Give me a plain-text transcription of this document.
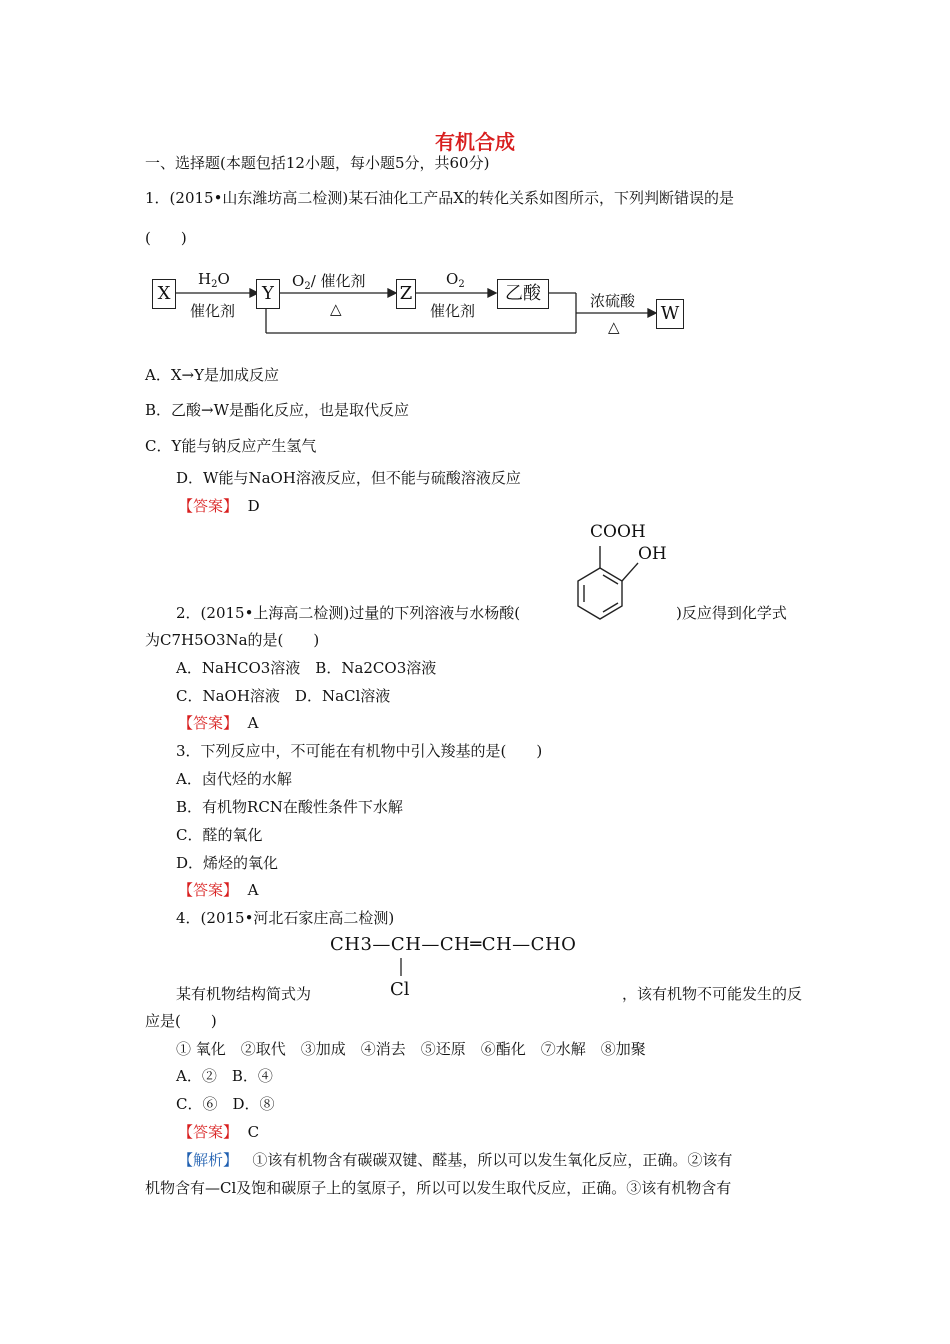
有机合成
一、选择题(本题包括12小题，每小题5分，共60分)
1．(2015•山东潍坊高二检测)某石油化工产品X的转化关系如图所示，下列判断错误的是
(　　)
X	Y	Z	乙酸
W
$H_2O$
催化剂
$O_2/$ 催化剂
△
$O_2$
催化剂
浓硫酸
△
A．X→Y是加成反应
B．乙酸→W是酯化反应，也是取代反应
C．Y能与钠反应产生氢气
D．W能与NaOH溶液反应，但不能与硫酸溶液反应
【答案】 D
COOH
OH
2．(2015•上海高二检测)过量的下列溶液与水杨酸(	)反应得到化学式
为C7H5O3Na的是(　　)
A．NaHCO3溶液　B．Na2CO3溶液
C．NaOH溶液　D．NaCl溶液
【答案】 A
3．下列反应中，不可能在有机物中引入羧基的是(　　)
A．卤代烃的水解
B．有机物RCN在酸性条件下水解
C．醛的氧化
D．烯烃的氧化
【答案】 A
4．(2015•河北石家庄高二检测)
CH3—CH—CH═CH—CHO
Cl
某有机物结构简式为	，该有机物不可能发生的反
应是(　　)
① 氧化　②取代　③加成　④消去　⑤还原　⑥酯化　⑦水解　⑧加聚
A．②　B．④
C．⑥　D．⑧
【答案】 C
【解析】 ①该有机物含有碳碳双键、醛基，所以可以发生氧化反应，正确。②该有
机物含有—Cl及饱和碳原子上的氢原子，所以可以发生取代反应，正确。③该有机物含有
